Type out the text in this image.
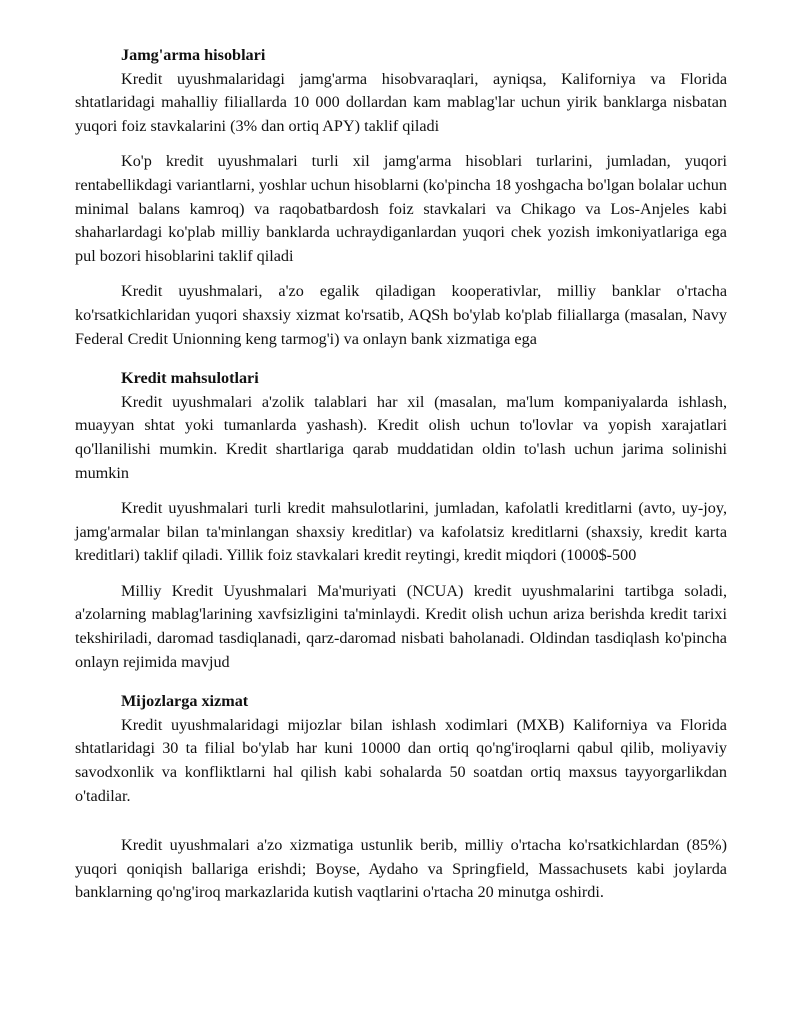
Jamg'arma hisoblari

Kredit uyushmalaridagi jamg'arma hisobvaraqlari, ayniqsa, Kaliforniya va Florida shtatlaridagi mahalliy filiallarda 10 000 dollardan kam mablag'lar uchun yirik banklarga nisbatan yuqori foiz stavkalarini (3% dan ortiq APY) taklif qiladi

Ko'p kredit uyushmalari turli xil jamg'arma hisoblari turlarini, jumladan, yuqori rentabellikdagi variantlarni, yoshlar uchun hisoblarni (ko'pincha 18 yoshgacha bo'lgan bolalar uchun minimal balans kamroq) va raqobatbardosh foiz stavkalari va Chikago va Los-Anjeles kabi shaharlardagi ko'plab milliy banklarda uchraydiganlardan yuqori chek yozish imkoniyatlariga ega pul bozori hisoblarini taklif qiladi

Kredit uyushmalari, a'zo egalik qiladigan kooperativlar, milliy banklar o'rtacha ko'rsatkichlaridan yuqori shaxsiy xizmat ko'rsatib, AQSh bo'ylab ko'plab filiallarga (masalan, Navy Federal Credit Unionning keng tarmog'i) va onlayn bank xizmatiga ega

Kredit mahsulotlari

Kredit uyushmalari a'zolik talablari har xil (masalan, ma'lum kompaniyalarda ishlash, muayyan shtat yoki tumanlarda yashash). Kredit olish uchun to'lovlar va yopish xarajatlari qo'llanilishi mumkin. Kredit shartlariga qarab muddatidan oldin to'lash uchun jarima solinishi mumkin

Kredit uyushmalari turli kredit mahsulotlarini, jumladan, kafolatli kreditlarni (avto, uy-joy, jamg'armalar bilan ta'minlangan shaxsiy kreditlar) va kafolatsiz kreditlarni (shaxsiy, kredit karta kreditlari) taklif qiladi. Yillik foiz stavkalari kredit reytingi, kredit miqdori (1000$-500

Milliy Kredit Uyushmalari Ma'muriyati (NCUA) kredit uyushmalarini tartibga soladi, a'zolarning mablag'larining xavfsizligini ta'minlaydi. Kredit olish uchun ariza berishda kredit tarixi tekshiriladi, daromad tasdiqlanadi, qarz-daromad nisbati baholanadi. Oldindan tasdiqlash ko'pincha onlayn rejimida mavjud

Mijozlarga xizmat

Kredit uyushmalaridagi mijozlar bilan ishlash xodimlari (MXB) Kaliforniya va Florida shtatlaridagi 30 ta filial bo'ylab har kuni 10000 dan ortiq qo'ng'iroqlarni qabul qilib, moliyaviy savodxonlik va konfliktlarni hal qilish kabi sohalarda 50 soatdan ortiq maxsus tayyorgarlikdan o'tadilar.

Kredit uyushmalari a'zo xizmatiga ustunlik berib, milliy o'rtacha ko'rsatkichlardan (85%) yuqori qoniqish ballariga erishdi; Boyse, Aydaho va Springfield, Massachusets kabi joylarda banklarning qo'ng'iroq markazlarida kutish vaqtlarini o'rtacha 20 minutga oshirdi.
